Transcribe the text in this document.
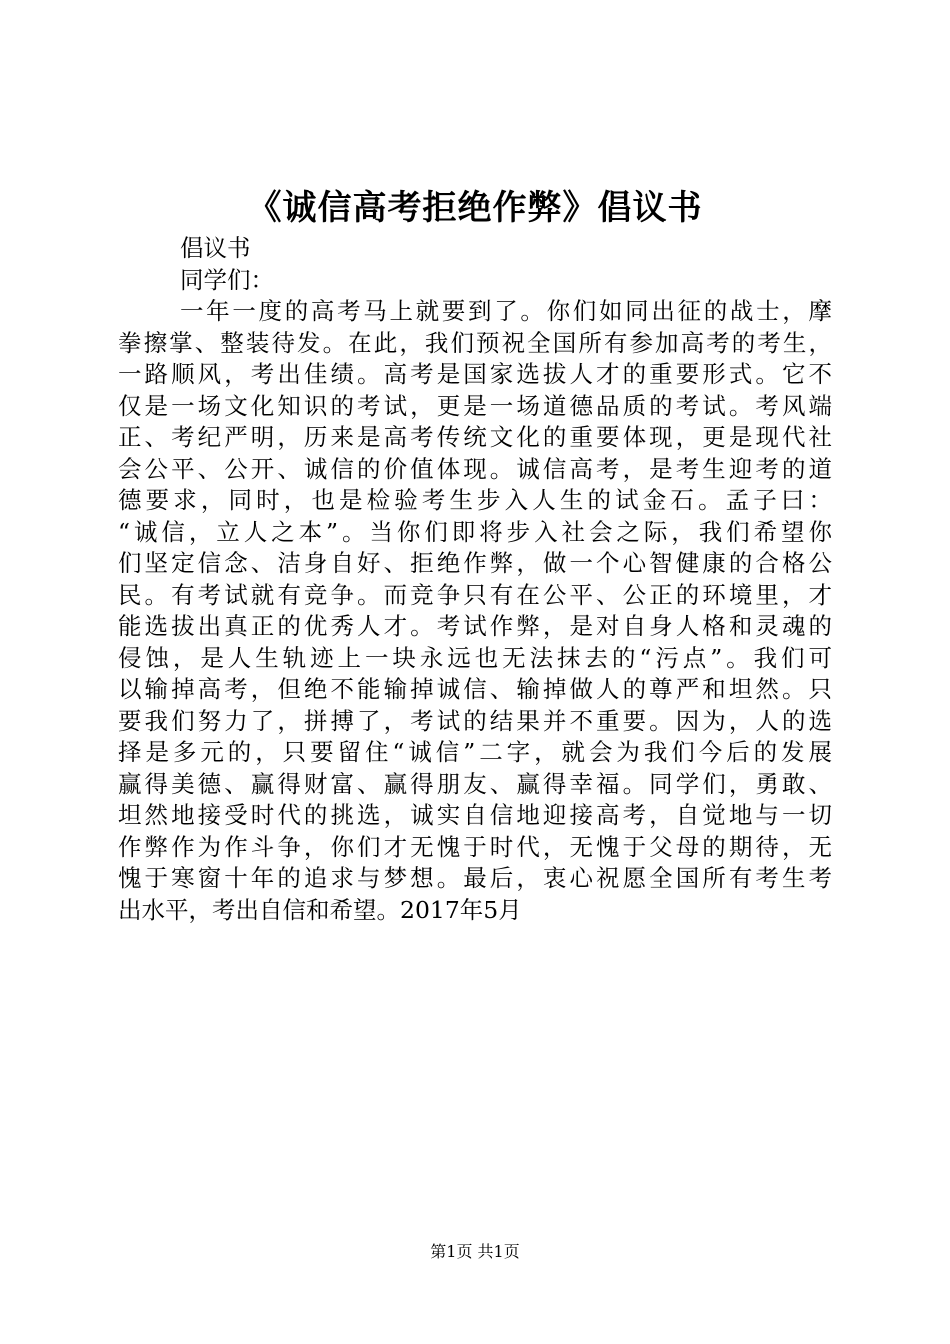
《诚信高考拒绝作弊》倡议书
倡议书
同学们：
一年一度的高考马上就要到了。你们如同出征的战士，摩
拳擦掌、整装待发。在此，我们预祝全国所有参加高考的考生，
一路顺风，考出佳绩。高考是国家选拔人才的重要形式。它不
仅是一场文化知识的考试，更是一场道德品质的考试。考风端
正、考纪严明，历来是高考传统文化的重要体现，更是现代社
会公平、公开、诚信的价值体现。诚信高考，是考生迎考的道
德要求，同时，也是检验考生步入人生的试金石。孟子曰：
“诚信，立人之本”。当你们即将步入社会之际，我们希望你
们坚定信念、洁身自好、拒绝作弊，做一个心智健康的合格公
民。有考试就有竞争。而竞争只有在公平、公正的环境里，才
能选拔出真正的优秀人才。考试作弊，是对自身人格和灵魂的
侵蚀，是人生轨迹上一块永远也无法抹去的“污点”。我们可
以输掉高考，但绝不能输掉诚信、输掉做人的尊严和坦然。只
要我们努力了，拼搏了，考试的结果并不重要。因为，人的选
择是多元的，只要留住“诚信”二字，就会为我们今后的发展
赢得美德、赢得财富、赢得朋友、赢得幸福。同学们，勇敢、
坦然地接受时代的挑选，诚实自信地迎接高考，自觉地与一切
作弊作为作斗争，你们才无愧于时代，无愧于父母的期待，无
愧于寒窗十年的追求与梦想。最后，衷心祝愿全国所有考生考
出水平，考出自信和希望。2017年5月
第1页 共1页
